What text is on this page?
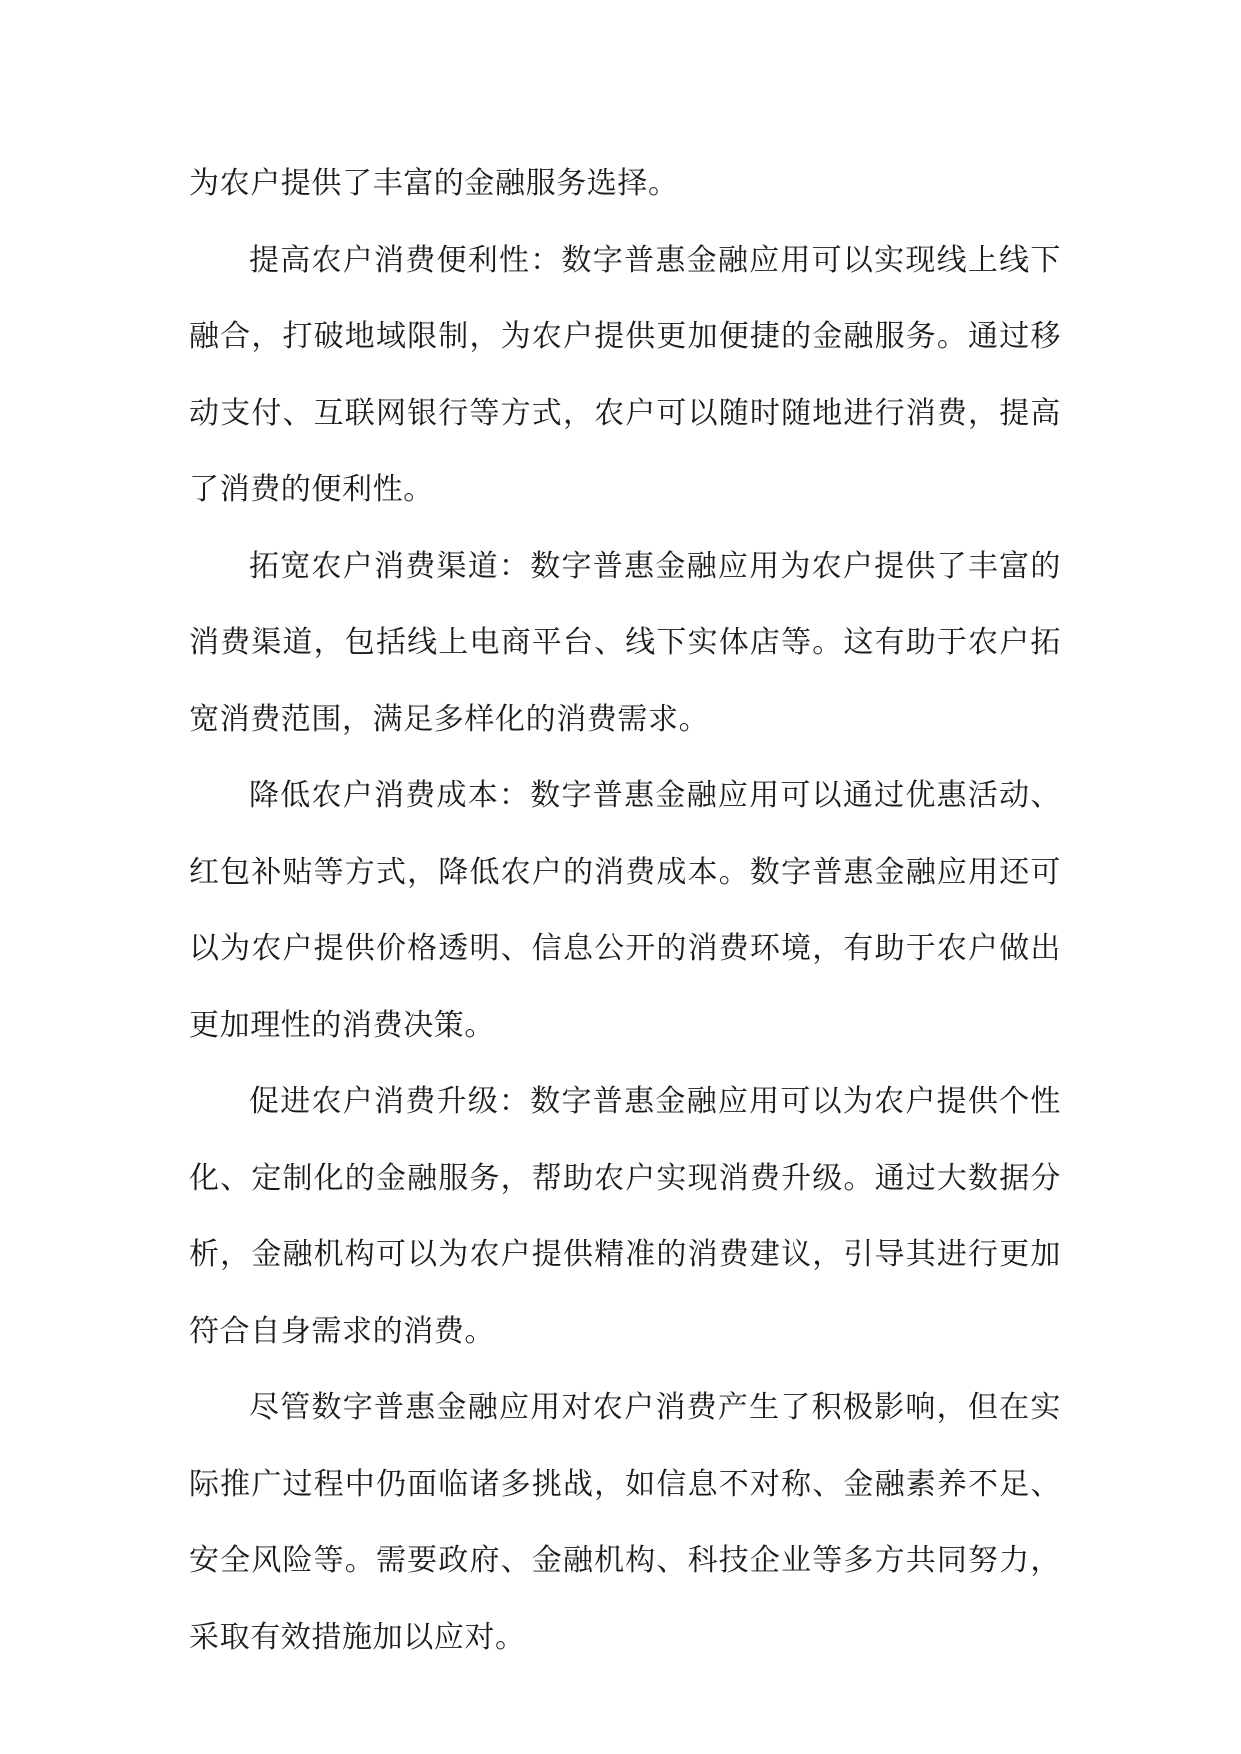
为农户提供了丰富的金融服务选择。

提高农户消费便利性：数字普惠金融应用可以实现线上线下融合，打破地域限制，为农户提供更加便捷的金融服务。通过移动支付、互联网银行等方式，农户可以随时随地进行消费，提高了消费的便利性。

拓宽农户消费渠道：数字普惠金融应用为农户提供了丰富的消费渠道，包括线上电商平台、线下实体店等。这有助于农户拓宽消费范围，满足多样化的消费需求。

降低农户消费成本：数字普惠金融应用可以通过优惠活动、红包补贴等方式，降低农户的消费成本。数字普惠金融应用还可以为农户提供价格透明、信息公开的消费环境，有助于农户做出更加理性的消费决策。

促进农户消费升级：数字普惠金融应用可以为农户提供个性化、定制化的金融服务，帮助农户实现消费升级。通过大数据分析，金融机构可以为农户提供精准的消费建议，引导其进行更加符合自身需求的消费。

尽管数字普惠金融应用对农户消费产生了积极影响，但在实际推广过程中仍面临诸多挑战，如信息不对称、金融素养不足、安全风险等。需要政府、金融机构、科技企业等多方共同努力，采取有效措施加以应对。
